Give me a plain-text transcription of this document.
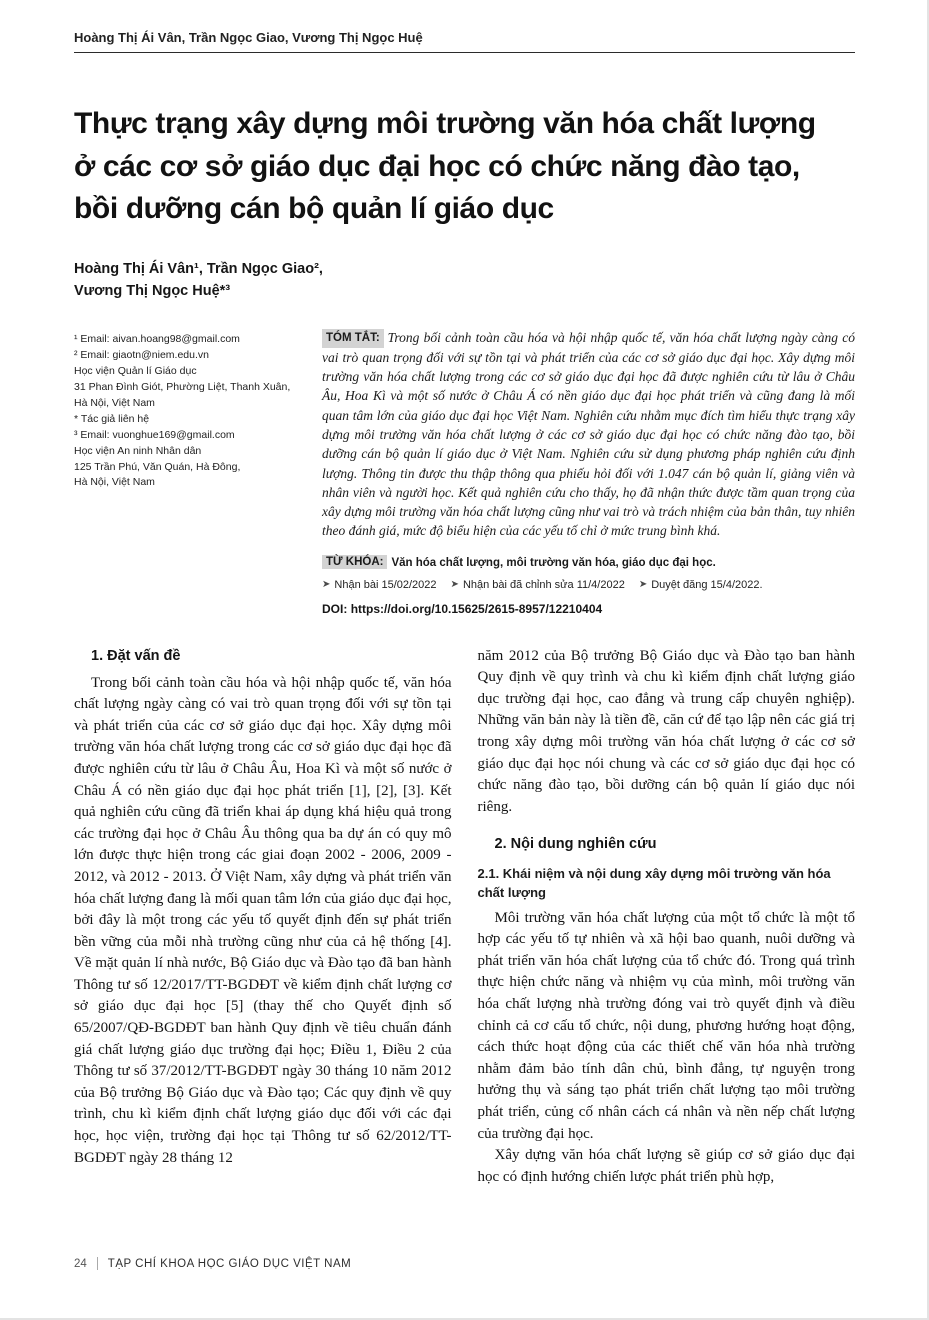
Hoàng Thị Ái Vân, Trần Ngọc Giao, Vương Thị Ngọc Huệ
Thực trạng xây dựng môi trường văn hóa chất lượng
ở các cơ sở giáo dục đại học có chức năng đào tạo,
bồi dưỡng cán bộ quản lí giáo dục
Hoàng Thị Ái Vân¹, Trần Ngọc Giao²,
Vương Thị Ngọc Huệ*³
¹ Email: aivan.hoang98@gmail.com
² Email: giaotn@niem.edu.vn
Học viện Quản lí Giáo dục
31 Phan Đình Giót, Phường Liệt, Thanh Xuân,
Hà Nội, Việt Nam
* Tác giả liên hệ
³ Email: vuonghue169@gmail.com
Học viện An ninh Nhân dân
125 Trần Phú, Văn Quán, Hà Đông,
Hà Nội, Việt Nam

TÓM TẮT: Trong bối cảnh toàn cầu hóa và hội nhập quốc tế, văn hóa chất lượng ngày càng có vai trò quan trọng đối với sự tồn tại và phát triển của các cơ sở giáo dục đại học. Xây dựng môi trường văn hóa chất lượng trong các cơ sở giáo dục đại học đã được nghiên cứu từ lâu ở Châu Âu, Hoa Kì và một số nước ở Châu Á có nền giáo dục đại học phát triển và cũng đang là mối quan tâm lớn của giáo dục đại học Việt Nam. Nghiên cứu nhằm mục đích tìm hiểu thực trạng xây dựng môi trường văn hóa chất lượng ở các cơ sở giáo dục đại học có chức năng đào tạo, bồi dưỡng cán bộ quản lí giáo dục ở Việt Nam. Nghiên cứu sử dụng phương pháp nghiên cứu định lượng. Thông tin được thu thập thông qua phiếu hỏi đối với 1.047 cán bộ quản lí, giảng viên và nhân viên và người học. Kết quả nghiên cứu cho thấy, họ đã nhận thức được tầm quan trọng của xây dựng môi trường văn hóa chất lượng cũng như vai trò và trách nhiệm của bản thân, tuy nhiên theo đánh giá, mức độ biểu hiện của các yếu tố chỉ ở mức trung bình khá.

TỪ KHÓA: Văn hóa chất lượng, môi trường văn hóa, giáo dục đại học.
➤ Nhận bài 15/02/2022 ➤ Nhận bài đã chỉnh sửa 11/4/2022 ➤ Duyệt đăng 15/4/2022.
DOI: https://doi.org/10.15625/2615-8957/12210404
1. Đặt vấn đề

Trong bối cảnh toàn cầu hóa và hội nhập quốc tế, văn hóa chất lượng ngày càng có vai trò quan trọng đối với sự tồn tại và phát triển của các cơ sở giáo dục đại học. Xây dựng môi trường văn hóa chất lượng trong các cơ sở giáo dục đại học đã được nghiên cứu từ lâu ở Châu Âu, Hoa Kì và một số nước ở Châu Á có nền giáo dục đại học phát triển [1], [2], [3]. Kết quả nghiên cứu cũng đã triển khai áp dụng khá hiệu quả trong các trường đại học ở Châu Âu thông qua ba dự án có quy mô lớn được thực hiện trong các giai đoạn 2002 - 2006, 2009 - 2012, và 2012 - 2013. Ở Việt Nam, xây dựng và phát triển văn hóa chất lượng đang là mối quan tâm lớn của giáo dục đại học, bởi đây là một trong các yếu tố quyết định đến sự phát triển bền vững của mỗi nhà trường cũng như của cả hệ thống [4]. Về mặt quản lí nhà nước, Bộ Giáo dục và Đào tạo đã ban hành Thông tư số 12/2017/TT-BGDĐT về kiểm định chất lượng cơ sở giáo dục đại học [5] (thay thế cho Quyết định số 65/2007/QĐ-BGDĐT ban hành Quy định về tiêu chuẩn đánh giá chất lượng giáo dục trường đại học; Điều 1, Điều 2 của Thông tư số 37/2012/TT-BGDĐT ngày 30 tháng 10 năm 2012 của Bộ trưởng Bộ Giáo dục và Đào tạo; Các quy định về quy trình, chu kì kiểm định chất lượng giáo dục đối với các đại học, học viện, trường đại học tại Thông tư số 62/2012/TT-BGDĐT ngày 28 tháng 12

năm 2012 của Bộ trưởng Bộ Giáo dục và Đào tạo ban hành Quy định về quy trình và chu kì kiểm định chất lượng giáo dục trường đại học, cao đẳng và trung cấp chuyên nghiệp). Những văn bản này là tiền đề, căn cứ để tạo lập nên các giá trị trong xây dựng môi trường văn hóa chất lượng ở các cơ sở giáo dục đại học nói chung và các cơ sở giáo dục đại học có chức năng đào tạo, bồi dưỡng cán bộ quản lí giáo dục nói riêng.

2. Nội dung nghiên cứu
2.1. Khái niệm và nội dung xây dựng môi trường văn hóa chất lượng

Môi trường văn hóa chất lượng của một tổ chức là một tổ hợp các yếu tố tự nhiên và xã hội bao quanh, nuôi dưỡng và phát triển văn hóa chất lượng của tổ chức đó. Trong quá trình thực hiện chức năng và nhiệm vụ của mình, môi trường văn hóa chất lượng nhà trường đóng vai trò quyết định và điều chỉnh cả cơ cấu tổ chức, nội dung, phương hướng hoạt động, cách thức hoạt động của các thiết chế văn hóa nhà trường nhằm đảm bảo tính dân chủ, bình đẳng, tự nguyện trong hưởng thụ và sáng tạo phát triển chất lượng tạo môi trường phát triển, củng cố nhân cách cá nhân và nền nếp chất lượng của trường đại học.

Xây dựng văn hóa chất lượng sẽ giúp cơ sở giáo dục đại học có định hướng chiến lược phát triển phù hợp,

24 TẠP CHÍ KHOA HỌC GIÁO DỤC VIỆT NAM
